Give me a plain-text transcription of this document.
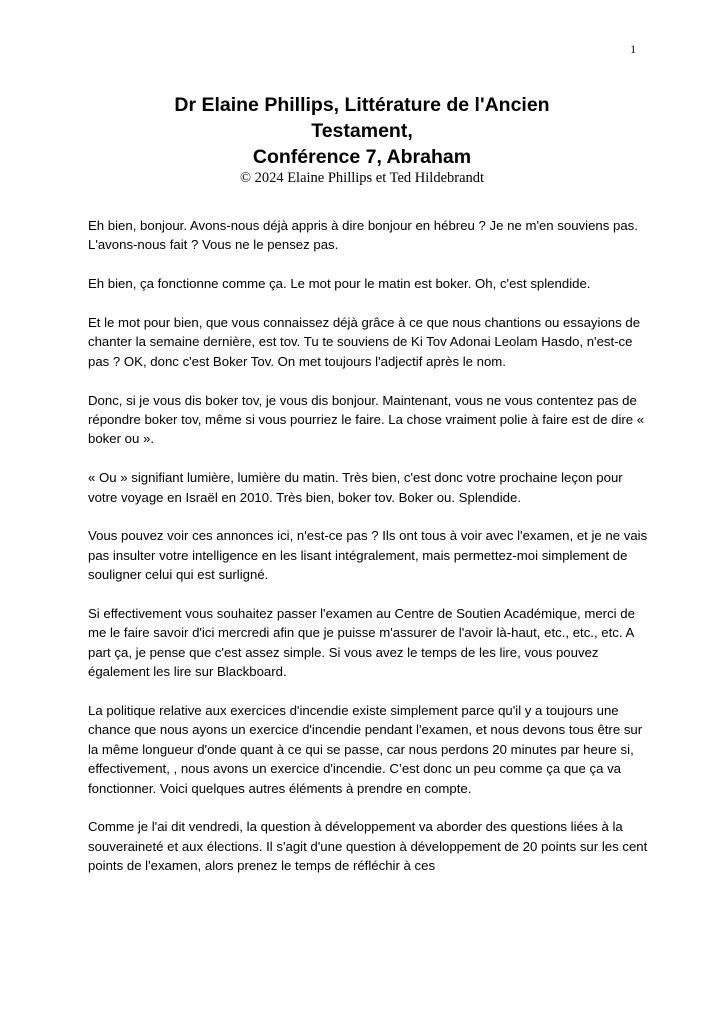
1
Dr Elaine Phillips, Littérature de l'Ancien
Testament,
Conférence 7, Abraham
© 2024 Elaine Phillips et Ted Hildebrandt

Eh bien, bonjour. Avons-nous déjà appris à dire bonjour en hébreu ? Je ne m'en souviens pas. L'avons-nous fait ? Vous ne le pensez pas.

Eh bien, ça fonctionne comme ça. Le mot pour le matin est boker. Oh, c'est splendide.

Et le mot pour bien, que vous connaissez déjà grâce à ce que nous chantions ou essayions de chanter la semaine dernière, est tov. Tu te souviens de Ki Tov Adonai Leolam Hasdo, n'est-ce pas ? OK, donc c'est Boker Tov. On met toujours l'adjectif après le nom.

Donc, si je vous dis boker tov, je vous dis bonjour. Maintenant, vous ne vous contentez pas de répondre boker tov, même si vous pourriez le faire. La chose vraiment polie à faire est de dire « boker ou ».

« Ou » signifiant lumière, lumière du matin. Très bien, c'est donc votre prochaine leçon pour votre voyage en Israël en 2010. Très bien, boker tov. Boker ou. Splendide.

Vous pouvez voir ces annonces ici, n'est-ce pas ? Ils ont tous à voir avec l'examen, et je ne vais pas insulter votre intelligence en les lisant intégralement, mais permettez-moi simplement de souligner celui qui est surligné.

Si effectivement vous souhaitez passer l'examen au Centre de Soutien Académique, merci de me le faire savoir d'ici mercredi afin que je puisse m'assurer de l'avoir là-haut, etc., etc., etc. A part ça, je pense que c'est assez simple. Si vous avez le temps de les lire, vous pouvez également les lire sur Blackboard.

La politique relative aux exercices d'incendie existe simplement parce qu'il y a toujours une chance que nous ayons un exercice d'incendie pendant l'examen, et nous devons tous être sur la même longueur d'onde quant à ce qui se passe, car nous perdons 20 minutes par heure si, effectivement, , nous avons un exercice d'incendie. C’est donc un peu comme ça que ça va fonctionner. Voici quelques autres éléments à prendre en compte.

Comme je l'ai dit vendredi, la question à développement va aborder des questions liées à la souveraineté et aux élections. Il s'agit d'une question à développement de 20 points sur les cent points de l'examen, alors prenez le temps de réfléchir à ces
